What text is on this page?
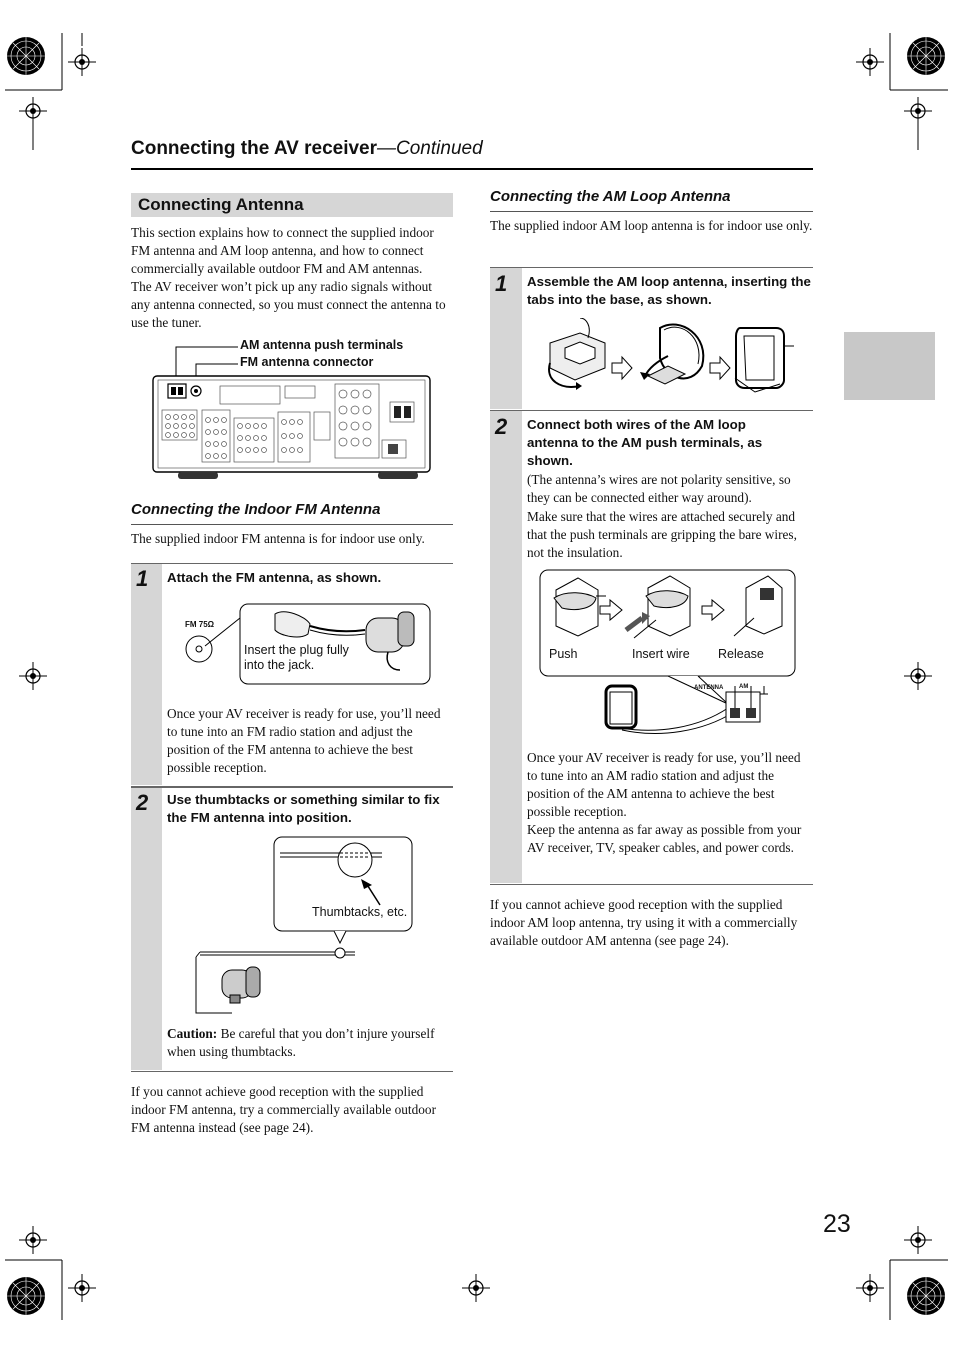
Connecting the AV receiver—Continued
Connecting Antenna
This section explains how to connect the supplied indoor FM antenna and AM loop antenna, and how to connect commercially available outdoor FM and AM antennas.
The AV receiver won’t pick up any radio signals without any antenna connected, so you must connect the antenna to use the tuner.
AM antenna push terminals
FM antenna connector
Connecting the Indoor FM Antenna
The supplied indoor FM antenna is for indoor use only.
1 Attach the FM antenna, as shown.
Insert the plug fully into the jack.
FM 75Ω
Once your AV receiver is ready for use, you’ll need to tune into an FM radio station and adjust the position of the FM antenna to achieve the best possible reception.
2 Use thumbtacks or something similar to fix the FM antenna into position.
Thumbtacks, etc.
Caution: Be careful that you don’t injure yourself when using thumbtacks.
If you cannot achieve good reception with the supplied indoor FM antenna, try a commercially available outdoor FM antenna instead (see page 24).
Connecting the AM Loop Antenna
The supplied indoor AM loop antenna is for indoor use only.
1 Assemble the AM loop antenna, inserting the tabs into the base, as shown.
2 Connect both wires of the AM loop antenna to the AM push terminals, as shown.
(The antenna’s wires are not polarity sensitive, so they can be connected either way around).
Make sure that the wires are attached securely and that the push terminals are gripping the bare wires, not the insulation.
Push	Insert wire Release
ANTENNA	AM
Once your AV receiver is ready for use, you’ll need to tune into an AM radio station and adjust the position of the AM antenna to achieve the best possible reception.
Keep the antenna as far away as possible from your AV receiver, TV, speaker cables, and power cords.
If you cannot achieve good reception with the supplied indoor AM loop antenna, try using it with a commercially available outdoor AM antenna (see page 24).
23
